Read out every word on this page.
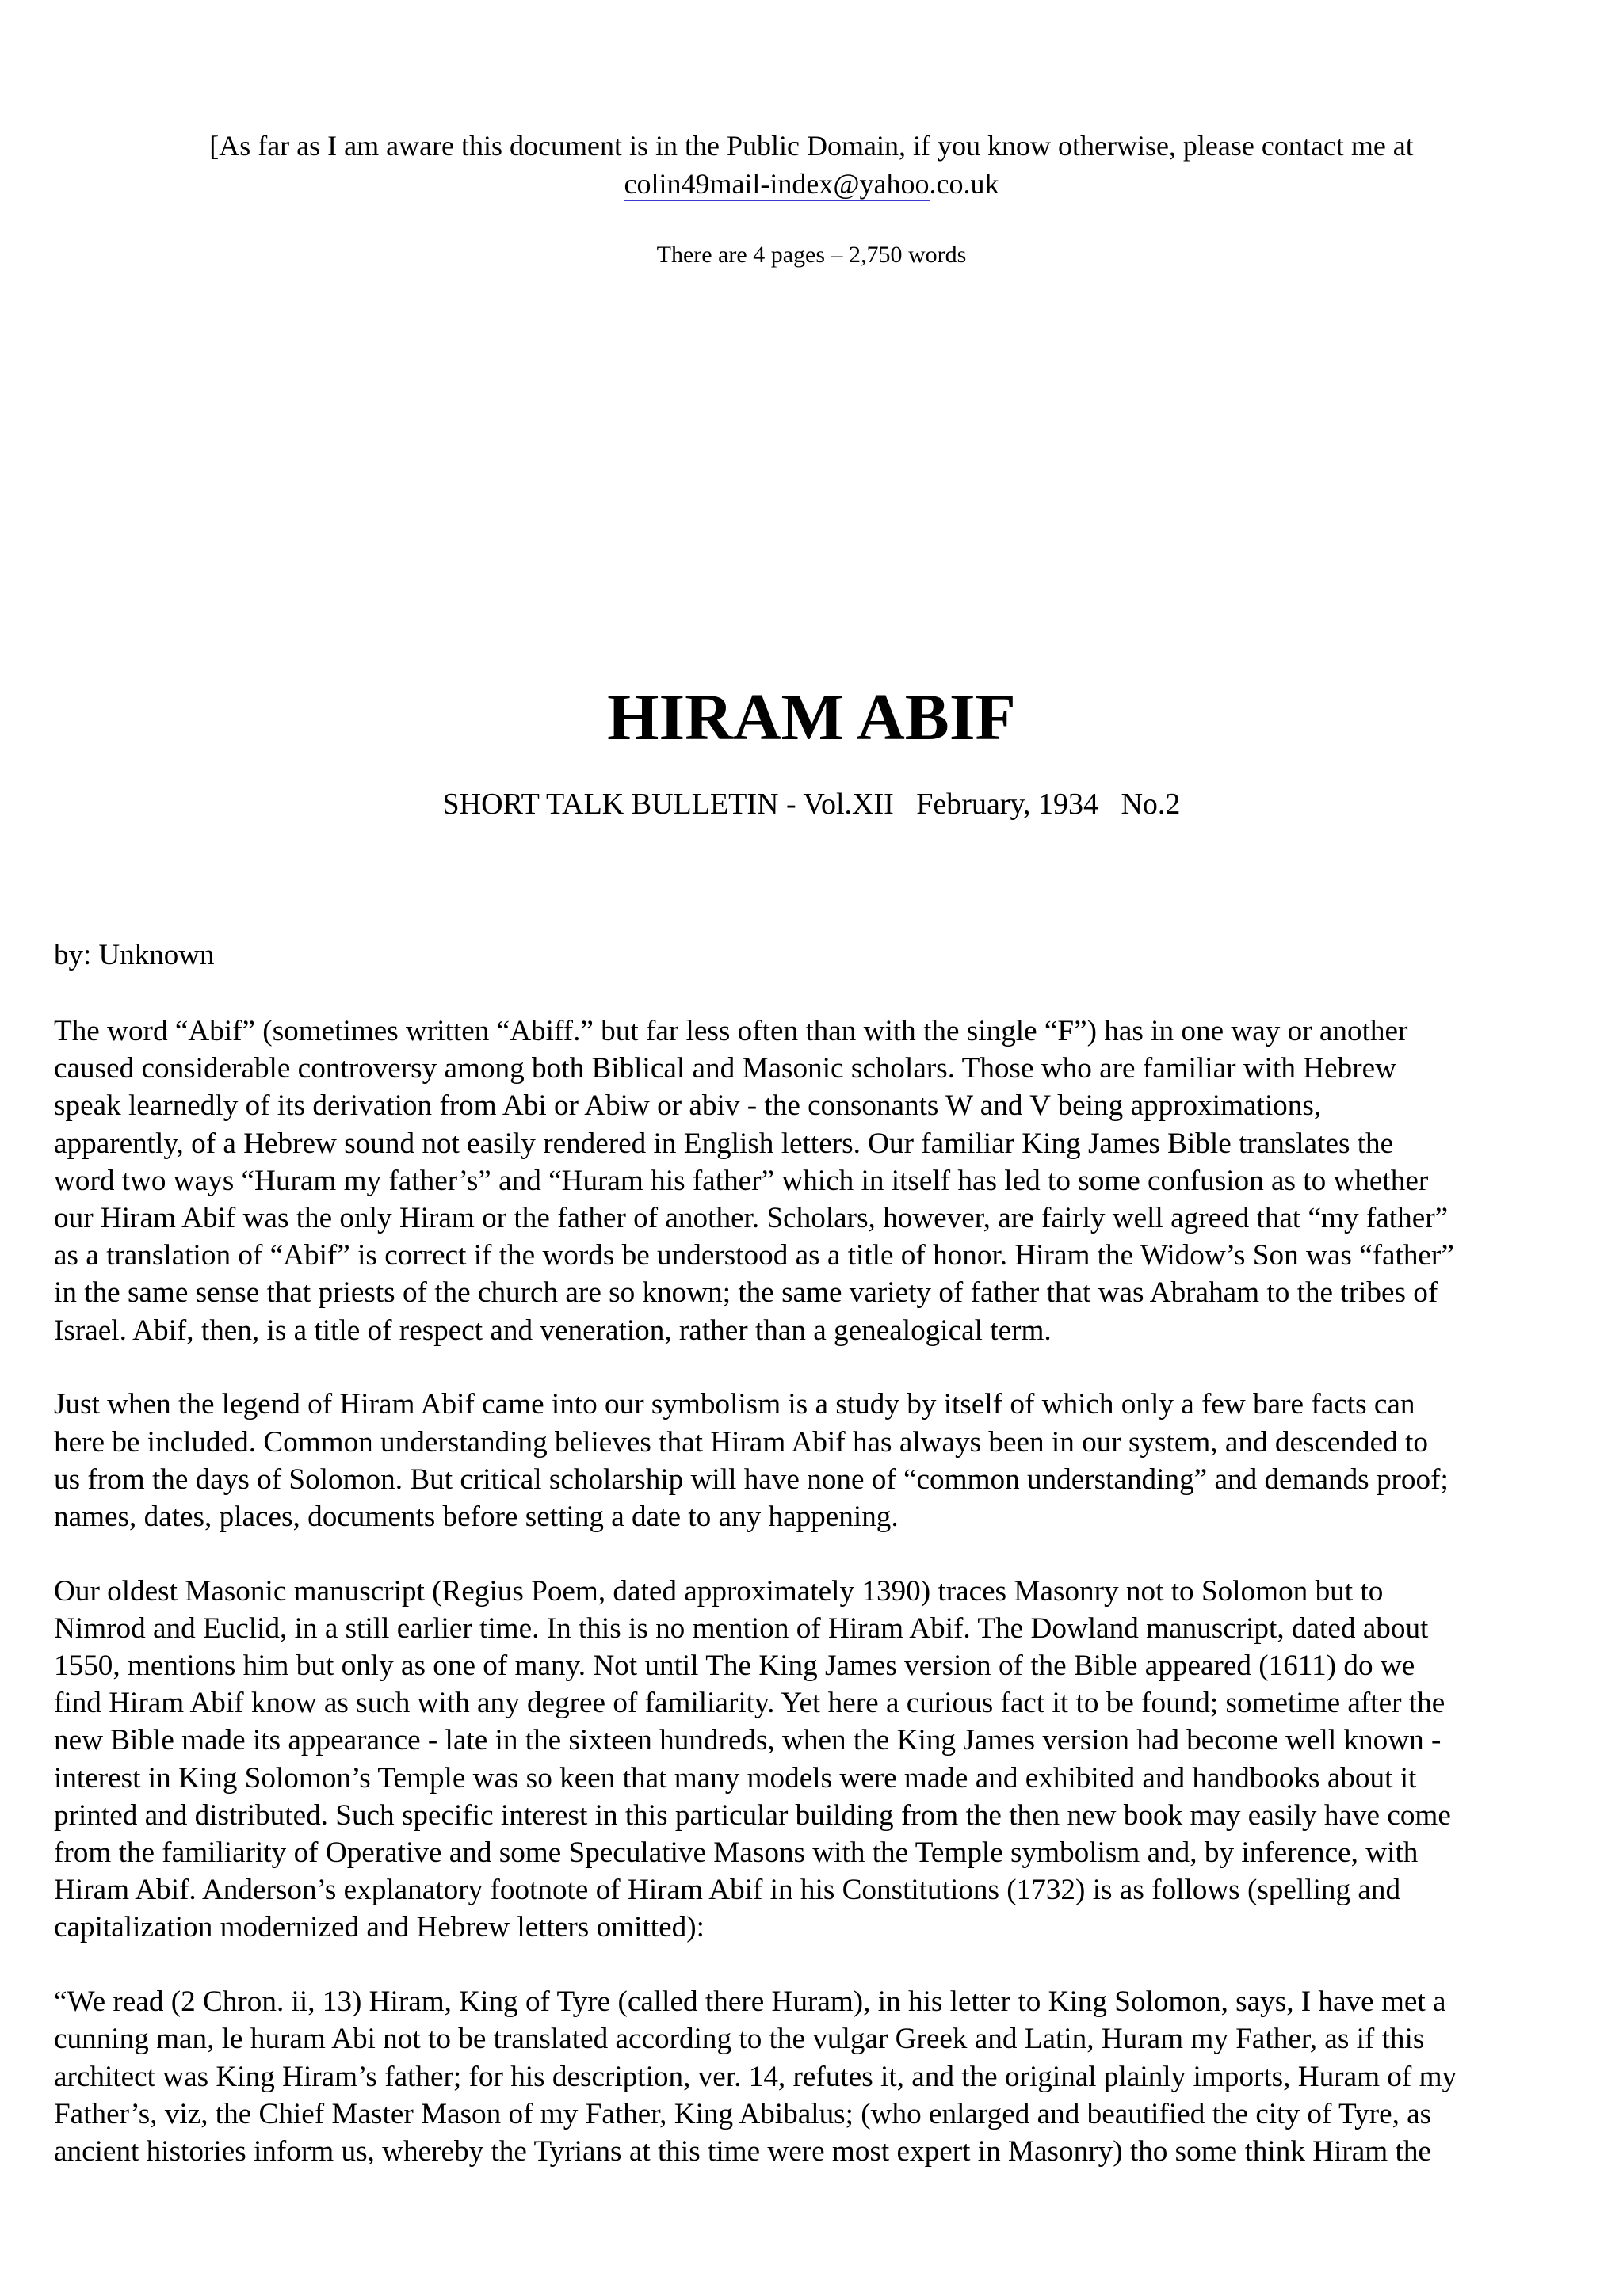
[As far as I am aware this document is in the Public Domain, if you know otherwise, please contact me at
colin49mail-index@yahoo.co.uk
There are 4 pages – 2,750 words
HIRAM ABIF
SHORT TALK BULLETIN - Vol.XII   February, 1934   No.2
by: Unknown
The word “Abif” (sometimes written “Abiff.” but far less often than with the single “F”) has in one way or another
caused considerable controversy among both Biblical and Masonic scholars. Those who are familiar with Hebrew
speak learnedly of its derivation from Abi or Abiw or abiv - the consonants W and V being approximations,
apparently, of a Hebrew sound not easily rendered in English letters. Our familiar King James Bible translates the
word two ways “Huram my father’s” and “Huram his father” which in itself has led to some confusion as to whether
our Hiram Abif was the only Hiram or the father of another. Scholars, however, are fairly well agreed that “my father”
as a translation of “Abif” is correct if the words be understood as a title of honor. Hiram the Widow’s Son was “father”
in the same sense that priests of the church are so known; the same variety of father that was Abraham to the tribes of
Israel. Abif, then, is a title of respect and veneration, rather than a genealogical term.
Just when the legend of Hiram Abif came into our symbolism is a study by itself of which only a few bare facts can
here be included. Common understanding believes that Hiram Abif has always been in our system, and descended to
us from the days of Solomon. But critical scholarship will have none of “common understanding” and demands proof;
names, dates, places, documents before setting a date to any happening.
Our oldest Masonic manuscript (Regius Poem, dated approximately 1390) traces Masonry not to Solomon but to
Nimrod and Euclid, in a still earlier time. In this is no mention of Hiram Abif. The Dowland manuscript, dated about
1550, mentions him but only as one of many. Not until The King James version of the Bible appeared (1611) do we
find Hiram Abif know as such with any degree of familiarity. Yet here a curious fact it to be found; sometime after the
new Bible made its appearance - late in the sixteen hundreds, when the King James version had become well known -
interest in King Solomon’s Temple was so keen that many models were made and exhibited and handbooks about it
printed and distributed. Such specific interest in this particular building from the then new book may easily have come
from the familiarity of Operative and some Speculative Masons with the Temple symbolism and, by inference, with
Hiram Abif. Anderson’s explanatory footnote of Hiram Abif in his Constitutions (1732) is as follows (spelling and
capitalization modernized and Hebrew letters omitted):
“We read (2 Chron. ii, 13) Hiram, King of Tyre (called there Huram), in his letter to King Solomon, says, I have met a
cunning man, le huram Abi not to be translated according to the vulgar Greek and Latin, Huram my Father, as if this
architect was King Hiram’s father; for his description, ver. 14, refutes it, and the original plainly imports, Huram of my
Father’s, viz, the Chief Master Mason of my Father, King Abibalus; (who enlarged and beautified the city of Tyre, as
ancient histories inform us, whereby the Tyrians at this time were most expert in Masonry) tho some think Hiram the
